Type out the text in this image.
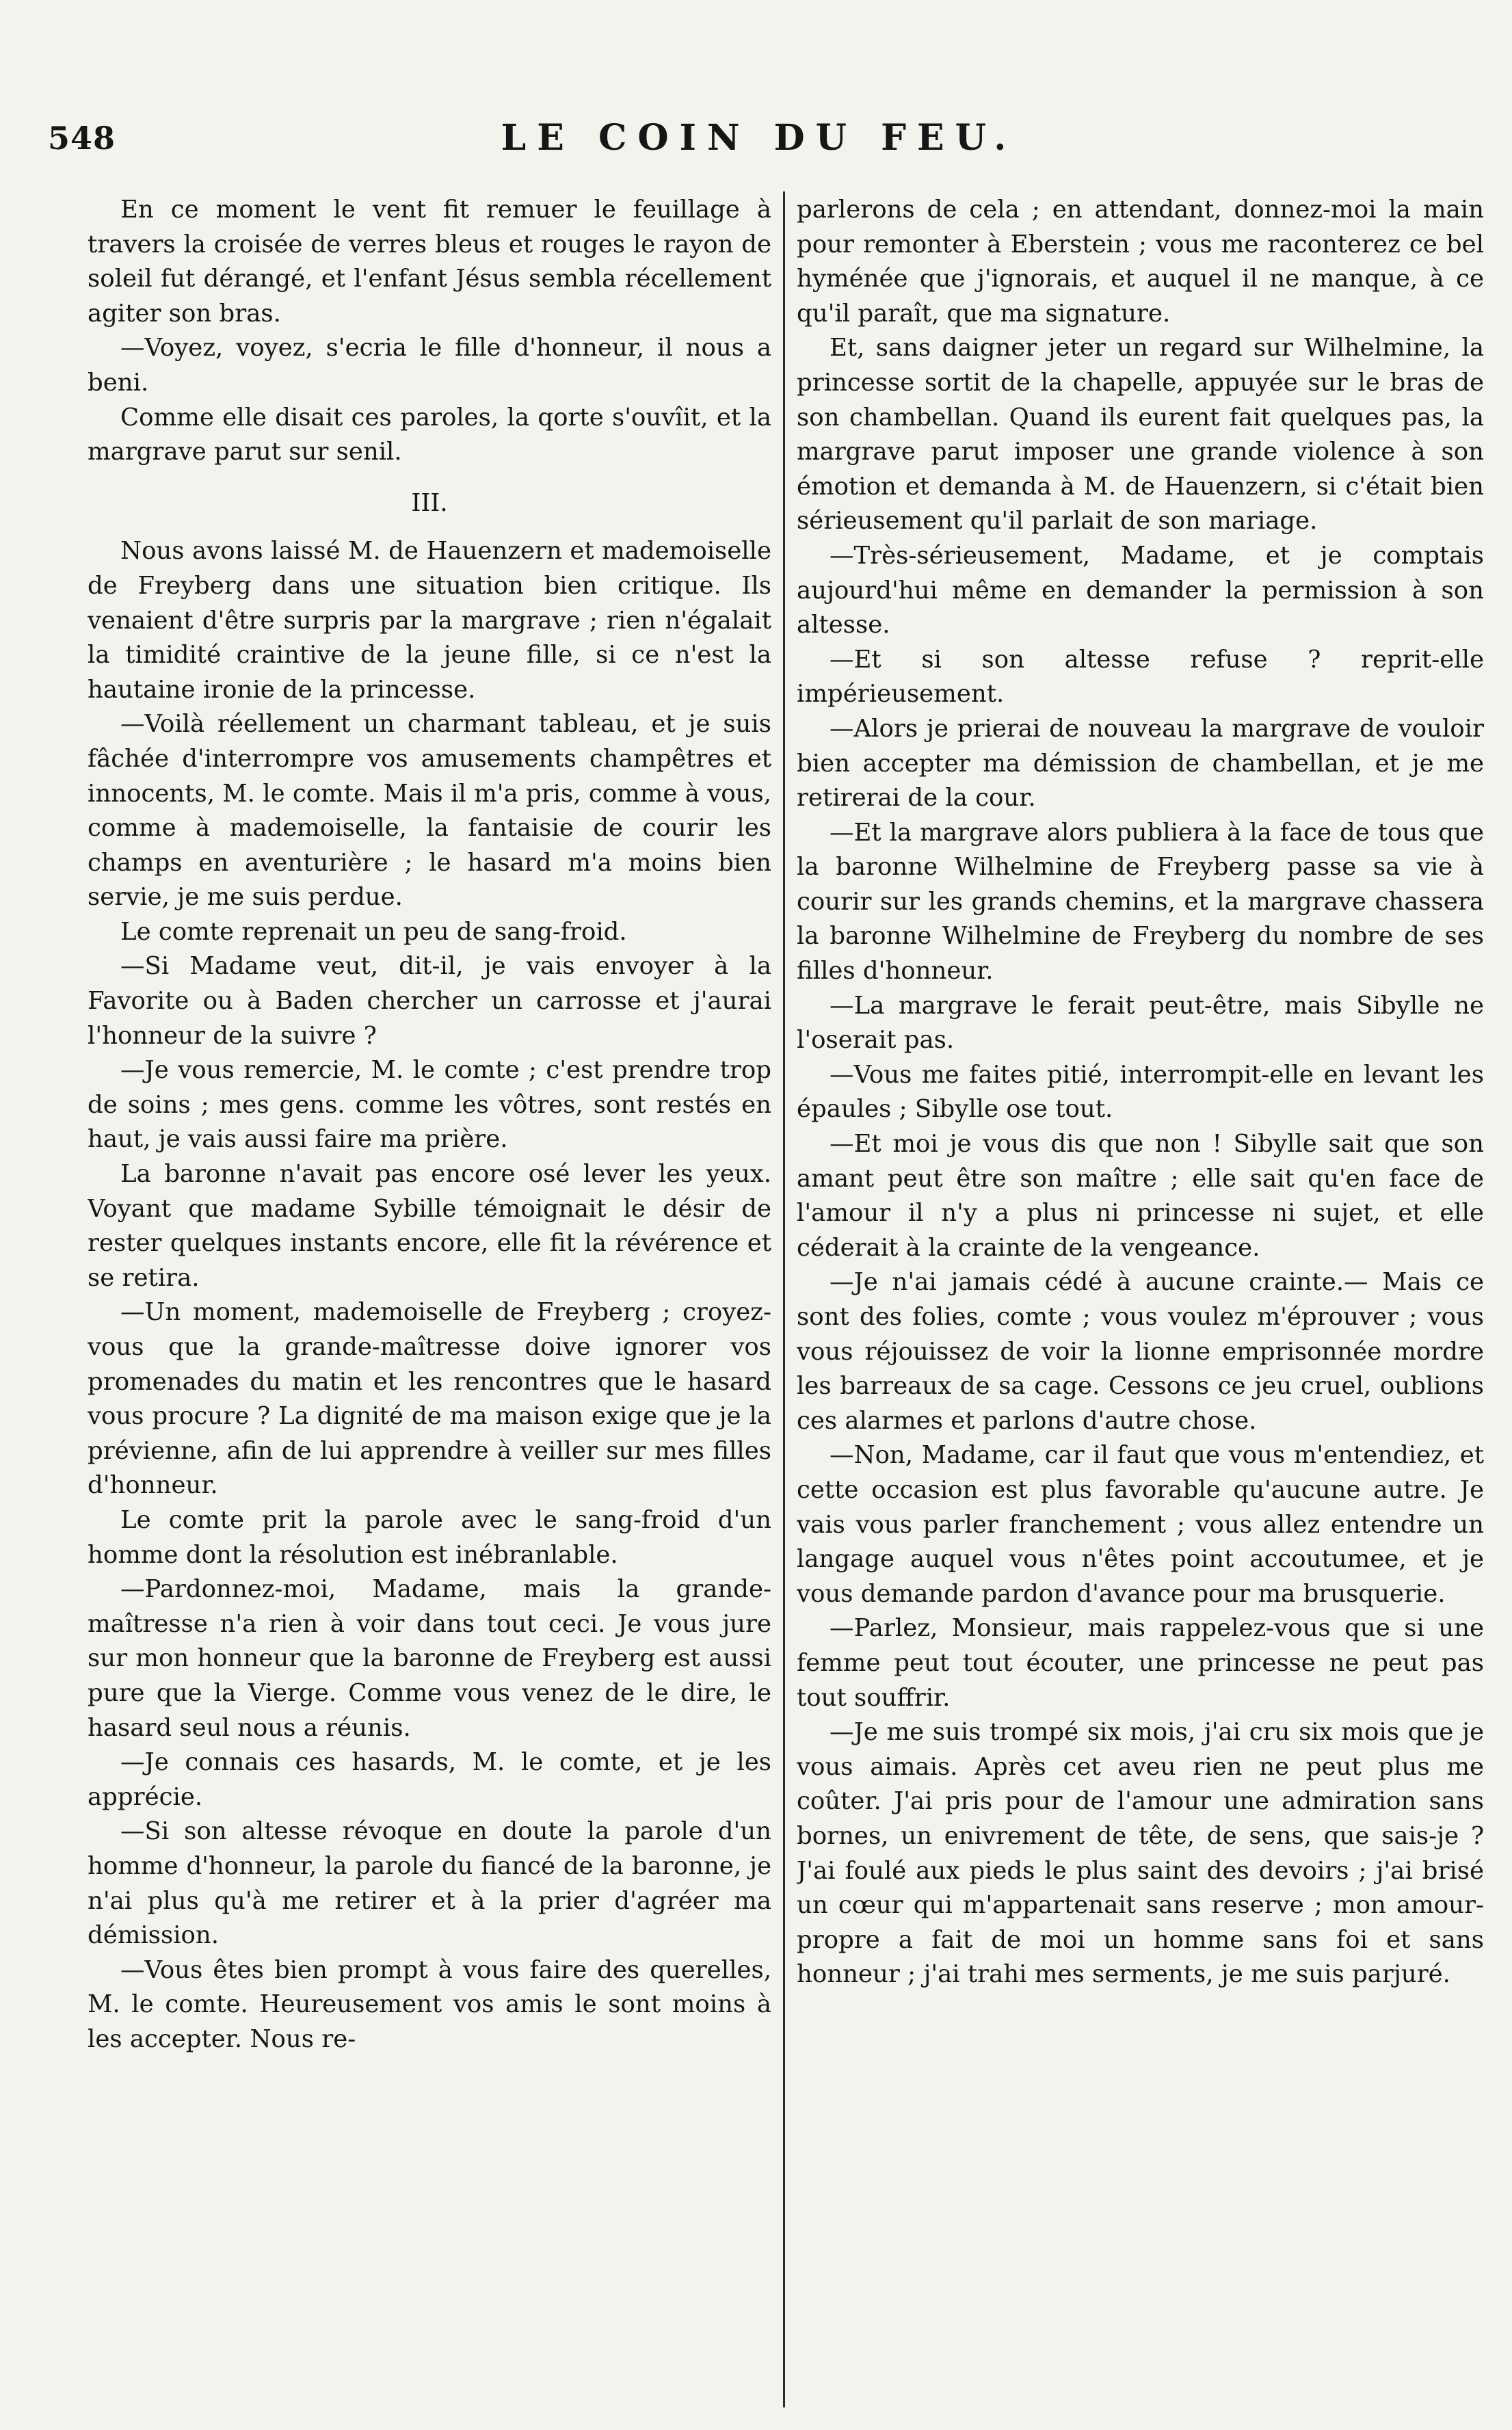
548	LE COIN DU FEU.

En ce moment le vent fit remuer le feuillage à travers la croisée de verres bleus et rouges le rayon de soleil fut dérangé, et l'enfant Jésus sembla récellement agiter son bras.

—Voyez, voyez, s'ecria le fille d'honneur, il nous a beni.

Comme elle disait ces paroles, la qorte s'ouvîit, et la margrave parut sur senil.

III.

Nous avons laissé M. de Hauenzern et mademoiselle de Freyberg dans une situation bien critique. Ils venaient d'être surpris par la margrave ; rien n'égalait la timidité craintive de la jeune fille, si ce n'est la hautaine ironie de la princesse.

—Voilà réellement un charmant tableau, et je suis fâchée d'interrompre vos amusements champêtres et innocents, M. le comte. Mais il m'a pris, comme à vous, comme à mademoiselle, la fantaisie de courir les champs en aventurière ; le hasard m'a moins bien servie, je me suis perdue.

Le comte reprenait un peu de sang-froid.

—Si Madame veut, dit-il, je vais envoyer à la Favorite ou à Baden chercher un carrosse et j'aurai l'honneur de la suivre ?

—Je vous remercie, M. le comte ; c'est prendre trop de soins ; mes gens. comme les vôtres, sont restés en haut, je vais aussi faire ma prière.

La baronne n'avait pas encore osé lever les yeux. Voyant que madame Sybille témoignait le désir de rester quelques instants encore, elle fit la révérence et se retira.

—Un moment, mademoiselle de Freyberg ; croyez-vous que la grande-maîtresse doive ignorer vos promenades du matin et les rencontres que le hasard vous procure ? La dignité de ma maison exige que je la prévienne, afin de lui apprendre à veiller sur mes filles d'honneur.

Le comte prit la parole avec le sang-froid d'un homme dont la résolution est inébranlable.

—Pardonnez-moi, Madame, mais la grande-maîtresse n'a rien à voir dans tout ceci. Je vous jure sur mon honneur que la baronne de Freyberg est aussi pure que la Vierge. Comme vous venez de le dire, le hasard seul nous a réunis.

—Je connais ces hasards, M. le comte, et je les apprécie.

—Si son altesse révoque en doute la parole d'un homme d'honneur, la parole du fiancé de la baronne, je n'ai plus qu'à me retirer et à la prier d'agréer ma démission.

—Vous êtes bien prompt à vous faire des querelles, M. le comte. Heureusement vos amis le sont moins à les accepter. Nous re-

parlerons de cela ; en attendant, donnez-moi la main pour remonter à Eberstein ; vous me raconterez ce bel hyménée que j'ignorais, et auquel il ne manque, à ce qu'il paraît, que ma signature.

Et, sans daigner jeter un regard sur Wilhelmine, la princesse sortit de la chapelle, appuyée sur le bras de son chambellan. Quand ils eurent fait quelques pas, la margrave parut imposer une grande violence à son émotion et demanda à M. de Hauenzern, si c'était bien sérieusement qu'il parlait de son mariage.

—Très-sérieusement, Madame, et je comptais aujourd'hui même en demander la permission à son altesse.

—Et si son altesse refuse ? reprit-elle impérieusement.

—Alors je prierai de nouveau la margrave de vouloir bien accepter ma démission de chambellan, et je me retirerai de la cour.

—Et la margrave alors publiera à la face de tous que la baronne Wilhelmine de Freyberg passe sa vie à courir sur les grands chemins, et la margrave chassera la baronne Wilhelmine de Freyberg du nombre de ses filles d'honneur.

—La margrave le ferait peut-être, mais Sibylle ne l'oserait pas.

—Vous me faites pitié, interrompit-elle en levant les épaules ; Sibylle ose tout.

—Et moi je vous dis que non ! Sibylle sait que son amant peut être son maître ; elle sait qu'en face de l'amour il n'y a plus ni princesse ni sujet, et elle céderait à la crainte de la vengeance.

—Je n'ai jamais cédé à aucune crainte.— Mais ce sont des folies, comte ; vous voulez m'éprouver ; vous vous réjouissez de voir la lionne emprisonnée mordre les barreaux de sa cage. Cessons ce jeu cruel, oublions ces alarmes et parlons d'autre chose.

—Non, Madame, car il faut que vous m'entendiez, et cette occasion est plus favorable qu'aucune autre. Je vais vous parler franchement ; vous allez entendre un langage auquel vous n'êtes point accoutumee, et je vous demande pardon d'avance pour ma brusquerie.

—Parlez, Monsieur, mais rappelez-vous que si une femme peut tout écouter, une princesse ne peut pas tout souffrir.

—Je me suis trompé six mois, j'ai cru six mois que je vous aimais. Après cet aveu rien ne peut plus me coûter. J'ai pris pour de l'amour une admiration sans bornes, un enivrement de tête, de sens, que sais-je ? J'ai foulé aux pieds le plus saint des devoirs ; j'ai brisé un cœur qui m'appartenait sans reserve ; mon amour-propre a fait de moi un homme sans foi et sans honneur ; j'ai trahi mes serments, je me suis parjuré.
